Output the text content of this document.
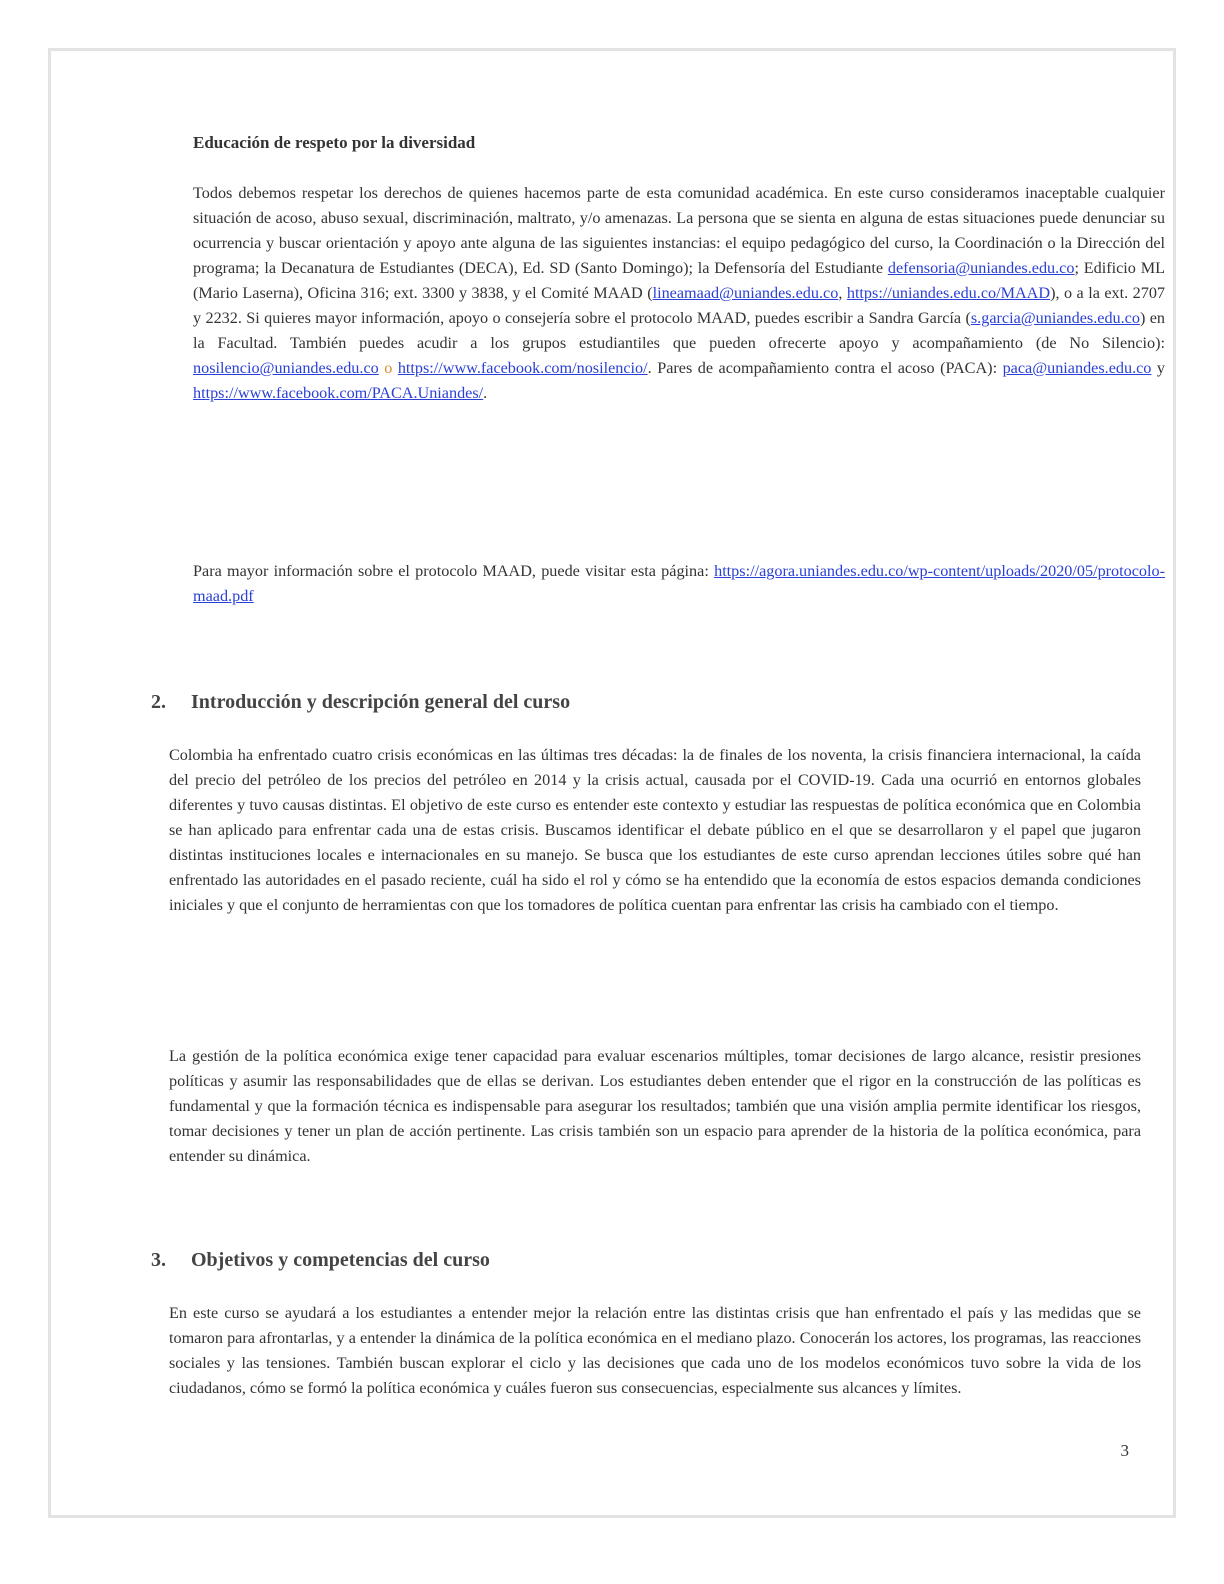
Educación de respeto por la diversidad

Todos debemos respetar los derechos de quienes hacemos parte de esta comunidad académica. En este curso consideramos inaceptable cualquier situación de acoso, abuso sexual, discriminación, maltrato, y/o amenazas. La persona que se sienta en alguna de estas situaciones puede denunciar su ocurrencia y buscar orientación y apoyo ante alguna de las siguientes instancias: el equipo pedagógico del curso, la Coordinación o la Dirección del programa; la Decanatura de Estudiantes (DECA), Ed. SD (Santo Domingo); la Defensoría del Estudiante defensoria@uniandes.edu.co; Edificio ML (Mario Laserna), Oficina 316; ext. 3300 y 3838, y el Comité MAAD (lineamaad@uniandes.edu.co, https://uniandes.edu.co/MAAD), o a la ext. 2707 y 2232. Si quieres mayor información, apoyo o consejería sobre el protocolo MAAD, puedes escribir a Sandra García (s.garcia@uniandes.edu.co) en la Facultad. También puedes acudir a los grupos estudiantiles que pueden ofrecerte apoyo y acompañamiento (de No Silencio): nosilencio@uniandes.edu.co o https://www.facebook.com/nosilencio/. Pares de acompañamiento contra el acoso (PACA): paca@uniandes.edu.co y https://www.facebook.com/PACA.Uniandes/.

Para mayor información sobre el protocolo MAAD, puede visitar esta página: https://agora.uniandes.edu.co/wp-content/uploads/2020/05/protocolo-maad.pdf

2. Introducción y descripción general del curso

Colombia ha enfrentado cuatro crisis económicas en las últimas tres décadas: la de finales de los noventa, la crisis financiera internacional, la caída del precio del petróleo de los precios del petróleo en 2014 y la crisis actual, causada por el COVID-19. Cada una ocurrió en entornos globales diferentes y tuvo causas distintas. El objetivo de este curso es entender este contexto y estudiar las respuestas de política económica que en Colombia se han aplicado para enfrentar cada una de estas crisis. Buscamos identificar el debate público en el que se desarrollaron y el papel que jugaron distintas instituciones locales e internacionales en su manejo. Se busca que los estudiantes de este curso aprendan lecciones útiles sobre qué han enfrentado las autoridades en el pasado reciente, cuál ha sido el rol y cómo se ha entendido que la economía de estos espacios demanda condiciones iniciales y que el conjunto de herramientas con que los tomadores de política cuentan para enfrentar las crisis ha cambiado con el tiempo.

La gestión de la política económica exige tener capacidad para evaluar escenarios múltiples, tomar decisiones de largo alcance, resistir presiones políticas y asumir las responsabilidades que de ellas se derivan. Los estudiantes deben entender que el rigor en la construcción de las políticas es fundamental y que la formación técnica es indispensable para asegurar los resultados; también que una visión amplia permite identificar los riesgos, tomar decisiones y tener un plan de acción pertinente. Las crisis también son un espacio para aprender de la historia de la política económica, para entender su dinámica.

3. Objetivos y competencias del curso

En este curso se ayudará a los estudiantes a entender mejor la relación entre las distintas crisis que han enfrentado el país y las medidas que se tomaron para afrontarlas, y a entender la dinámica de la política económica en el mediano plazo. Conocerán los actores, los programas, las reacciones sociales y las tensiones. También buscan explorar el ciclo y las decisiones que cada uno de los modelos económicos tuvo sobre la vida de los ciudadanos, cómo se formó la política económica y cuáles fueron sus consecuencias, especialmente sus alcances y límites.

3
